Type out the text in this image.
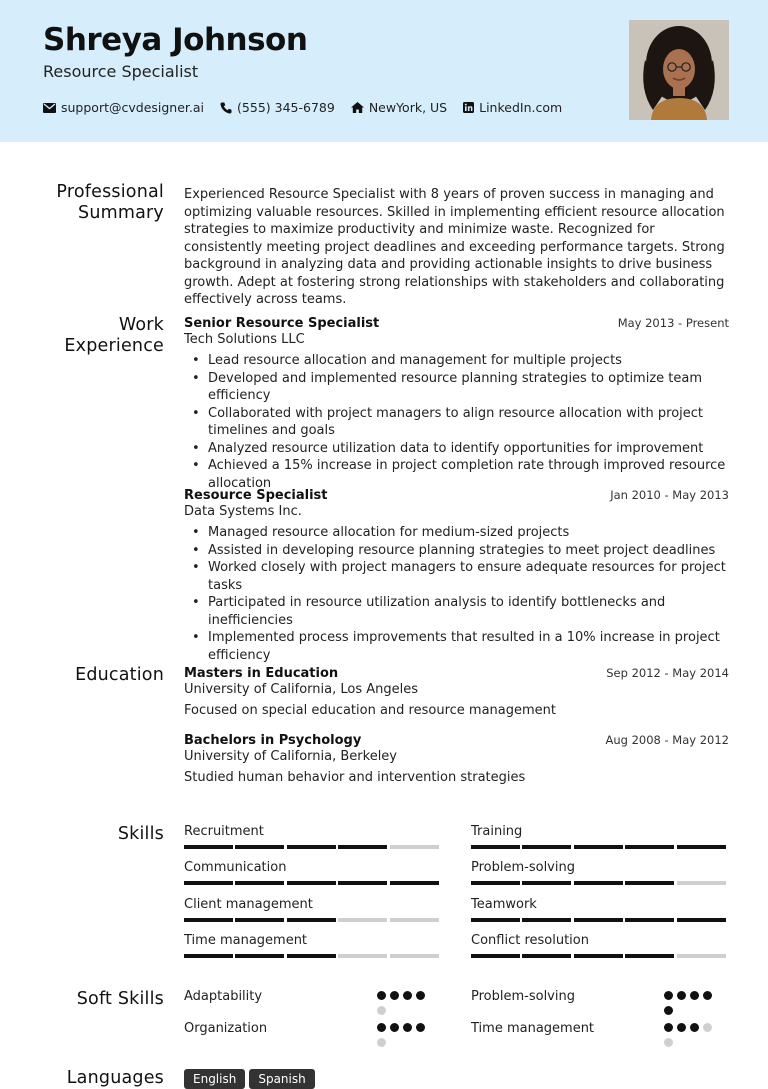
Shreya Johnson
Resource Specialist
support@cvdesigner.ai	(555) 345-6789	NewYork, US	LinkedIn.com
Professional Summary
Experienced Resource Specialist with 8 years of proven success in managing and optimizing valuable resources. Skilled in implementing efficient resource allocation strategies to maximize productivity and minimize waste. Recognized for consistently meeting project deadlines and exceeding performance targets. Strong background in analyzing data and providing actionable insights to drive business growth. Adept at fostering strong relationships with stakeholders and collaborating effectively across teams.
Work Experience
Senior Resource Specialist	May 2013 - Present
Tech Solutions LLC
• Lead resource allocation and management for multiple projects
• Developed and implemented resource planning strategies to optimize team efficiency
• Collaborated with project managers to align resource allocation with project timelines and goals
• Analyzed resource utilization data to identify opportunities for improvement
• Achieved a 15% increase in project completion rate through improved resource allocation
Resource Specialist	Jan 2010 - May 2013
Data Systems Inc.
• Managed resource allocation for medium-sized projects
• Assisted in developing resource planning strategies to meet project deadlines
• Worked closely with project managers to ensure adequate resources for project tasks
• Participated in resource utilization analysis to identify bottlenecks and inefficiencies
• Implemented process improvements that resulted in a 10% increase in project efficiency
Education Masters in Education	Sep 2012 - May 2014
University of California, Los Angeles
Focused on special education and resource management
Bachelors in Psychology	Aug 2008 - May 2012
University of California, Berkeley
Studied human behavior and intervention strategies
Skills Recruitment	Training
Communication	Problem-solving
Client management	Teamwork
Time management	Conflict resolution
Soft Skills Adaptability	Problem-solving
Organization	Time management
Languages	English	Spanish
